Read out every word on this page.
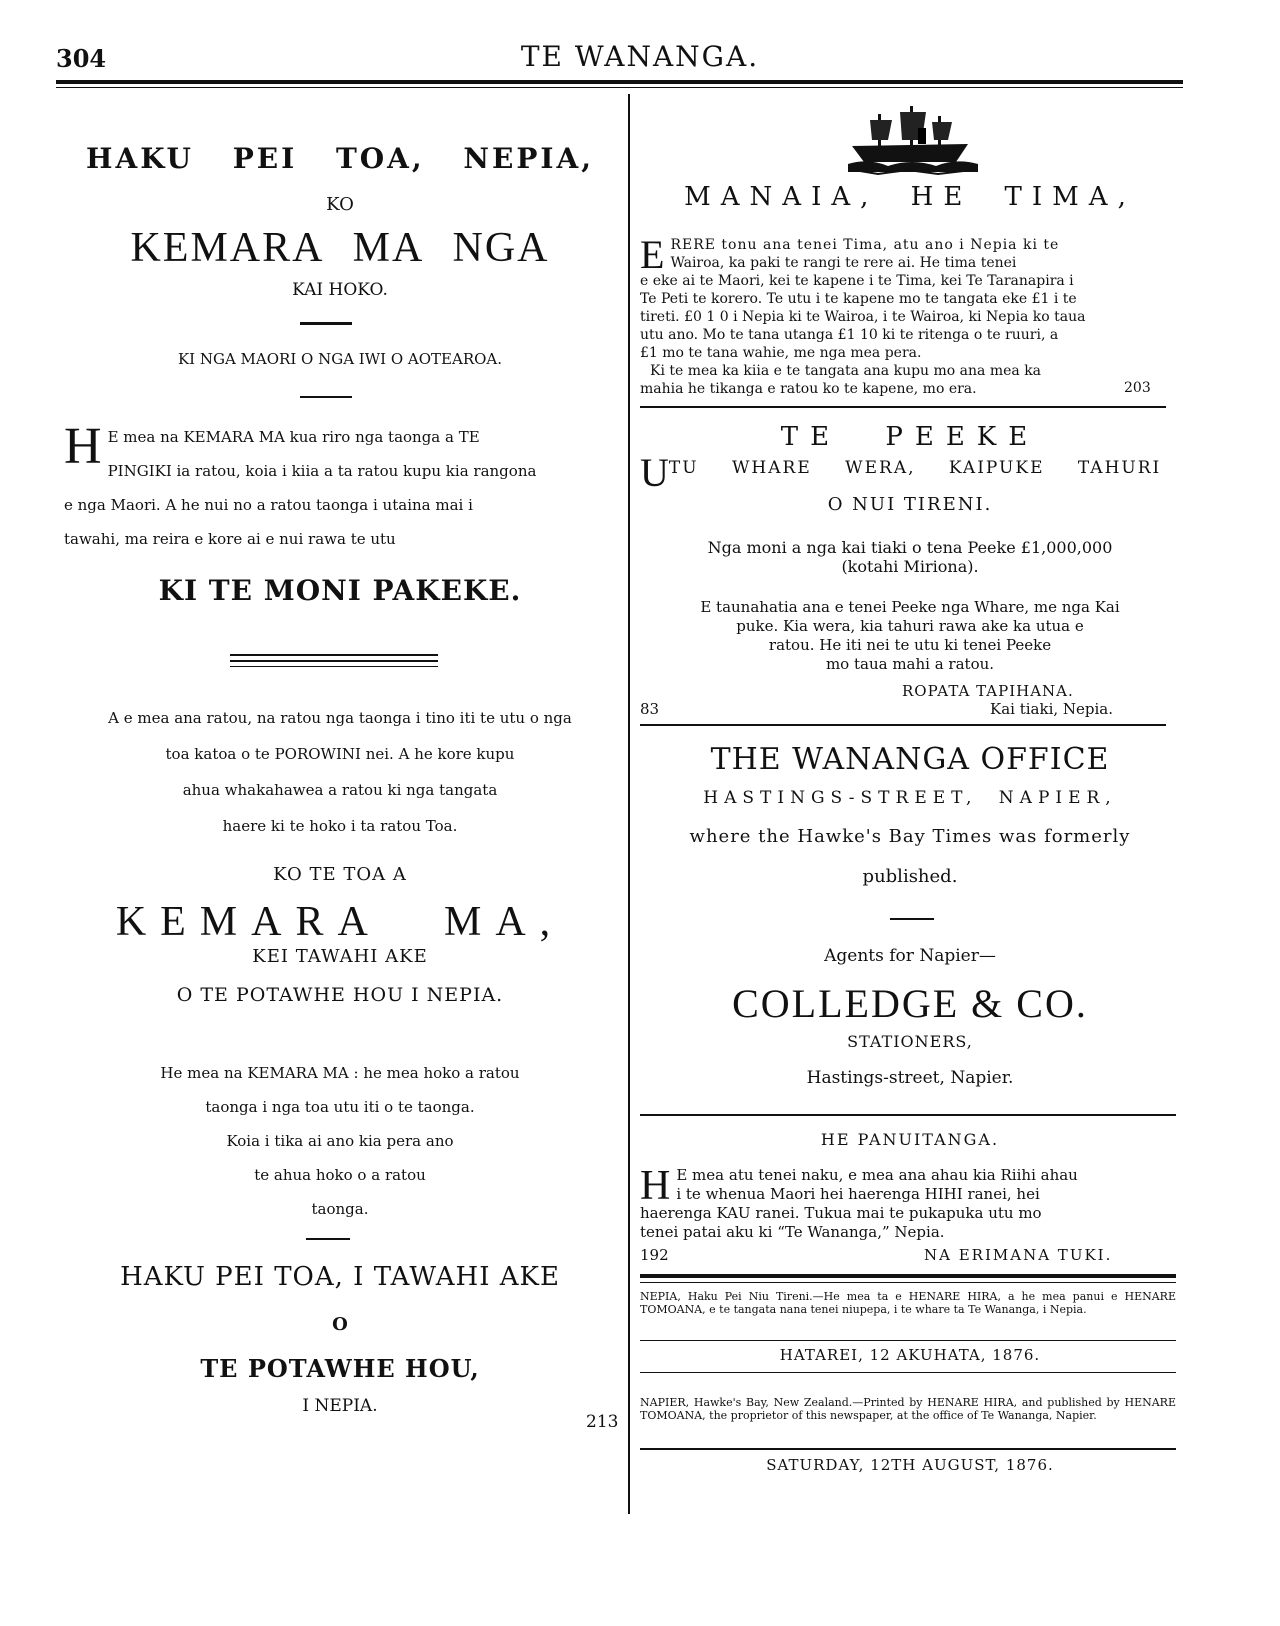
304	TE WANANGA.
HAKU PEI TOA, NEPIA,
KO
KEMARA MA NGA
KAI HOKO.
KI NGA MAORI O NGA IWI O AOTEAROA.
H E mea na KEMARA MA kua riro nga taonga a TE
PINGIKI ia ratou, koia i kiia a ta ratou kupu kia rangona
e nga Maori. A he nui no a ratou taonga i utaina mai i
tawahi, ma reira e kore ai e nui rawa te utu
KI TE MONI PAKEKE.
A e mea ana ratou, na ratou nga taonga i tino iti te utu o nga
toa katoa o te POROWINI nei. A he kore kupu
ahua whakahawea a ratou ki nga tangata
haere ki te hoko i ta ratou Toa.
KO TE TOA A
KEMARA MA,
KEI TAWAHI AKE
O TE POTAWHE HOU I NEPIA.
He mea na KEMARA MA : he mea hoko a ratou
taonga i nga toa utu iti o te taonga.
Koia i tika ai ano kia pera ano
te ahua hoko o a ratou
taonga.
HAKU PEI TOA, I TAWAHI AKE
O
TE POTAWHE HOU,
I NEPIA.
213
MANAIA, HE TIMA,
E RERE tonu ana tenei Tima, atu ano i Nepia ki te
Wairoa, ka paki te rangi te rere ai. He tima tenei
e eke ai te Maori, kei te kapene i te Tima, kei Te Taranapira i
Te Peti te korero. Te utu i te kapene mo te tangata eke £1 i te
tireti. £0 1 0 i Nepia ki te Wairoa, i te Wairoa, ki Nepia ko taua
utu ano. Mo te tana utanga £1 10 ki te ritenga o te ruuri, a
£1 mo te tana wahie, me nga mea pera.
Ki te mea ka kiia e te tangata ana kupu mo ana mea ka
mahia he tikanga e ratou ko te kapene, mo era.	203
TE PEEKE
U TU WHARE WERA, KAIPUKE TAHURI
O NUI TIRENI.
Nga moni a nga kai tiaki o tena Peeke £1,000,000
(kotahi Miriona).
E taunahatia ana e tenei Peeke nga Whare, me nga Kai
puke. Kia wera, kia tahuri rawa ake ka utua e
ratou. He iti nei te utu ki tenei Peeke
mo taua mahi a ratou.
ROPATA TAPIHANA.
83	Kai tiaki, Nepia.
THE WANANGA OFFICE
HASTINGS-STREET, NAPIER,
where the Hawke's Bay Times was formerly
published.
Agents for Napier—
COLLEDGE & CO.
STATIONERS,
Hastings-street, Napier.
HE PANUITANGA.
H E mea atu tenei naku, e mea ana ahau kia Riihi ahau
i te whenua Maori hei haerenga HIHI ranei, hei
haerenga KAU ranei. Tukua mai te pukapuka utu mo
tenei patai aku ki “Te Wananga,” Nepia.
192	NA ERIMANA TUKI.
NEPIA, Haku Pei Niu Tireni.—He mea ta e HENARE HIRA, a he mea panui e HENARE TOMOANA, e te tangata nana tenei niupepa, i te whare ta Te Wananga, i Nepia.
HATAREI, 12 AKUHATA, 1876.
NAPIER, Hawke's Bay, New Zealand.—Printed by HENARE HIRA, and published by HENARE TOMOANA, the proprietor of this newspaper, at the office of Te Wananga, Napier.
SATURDAY, 12TH AUGUST, 1876.
